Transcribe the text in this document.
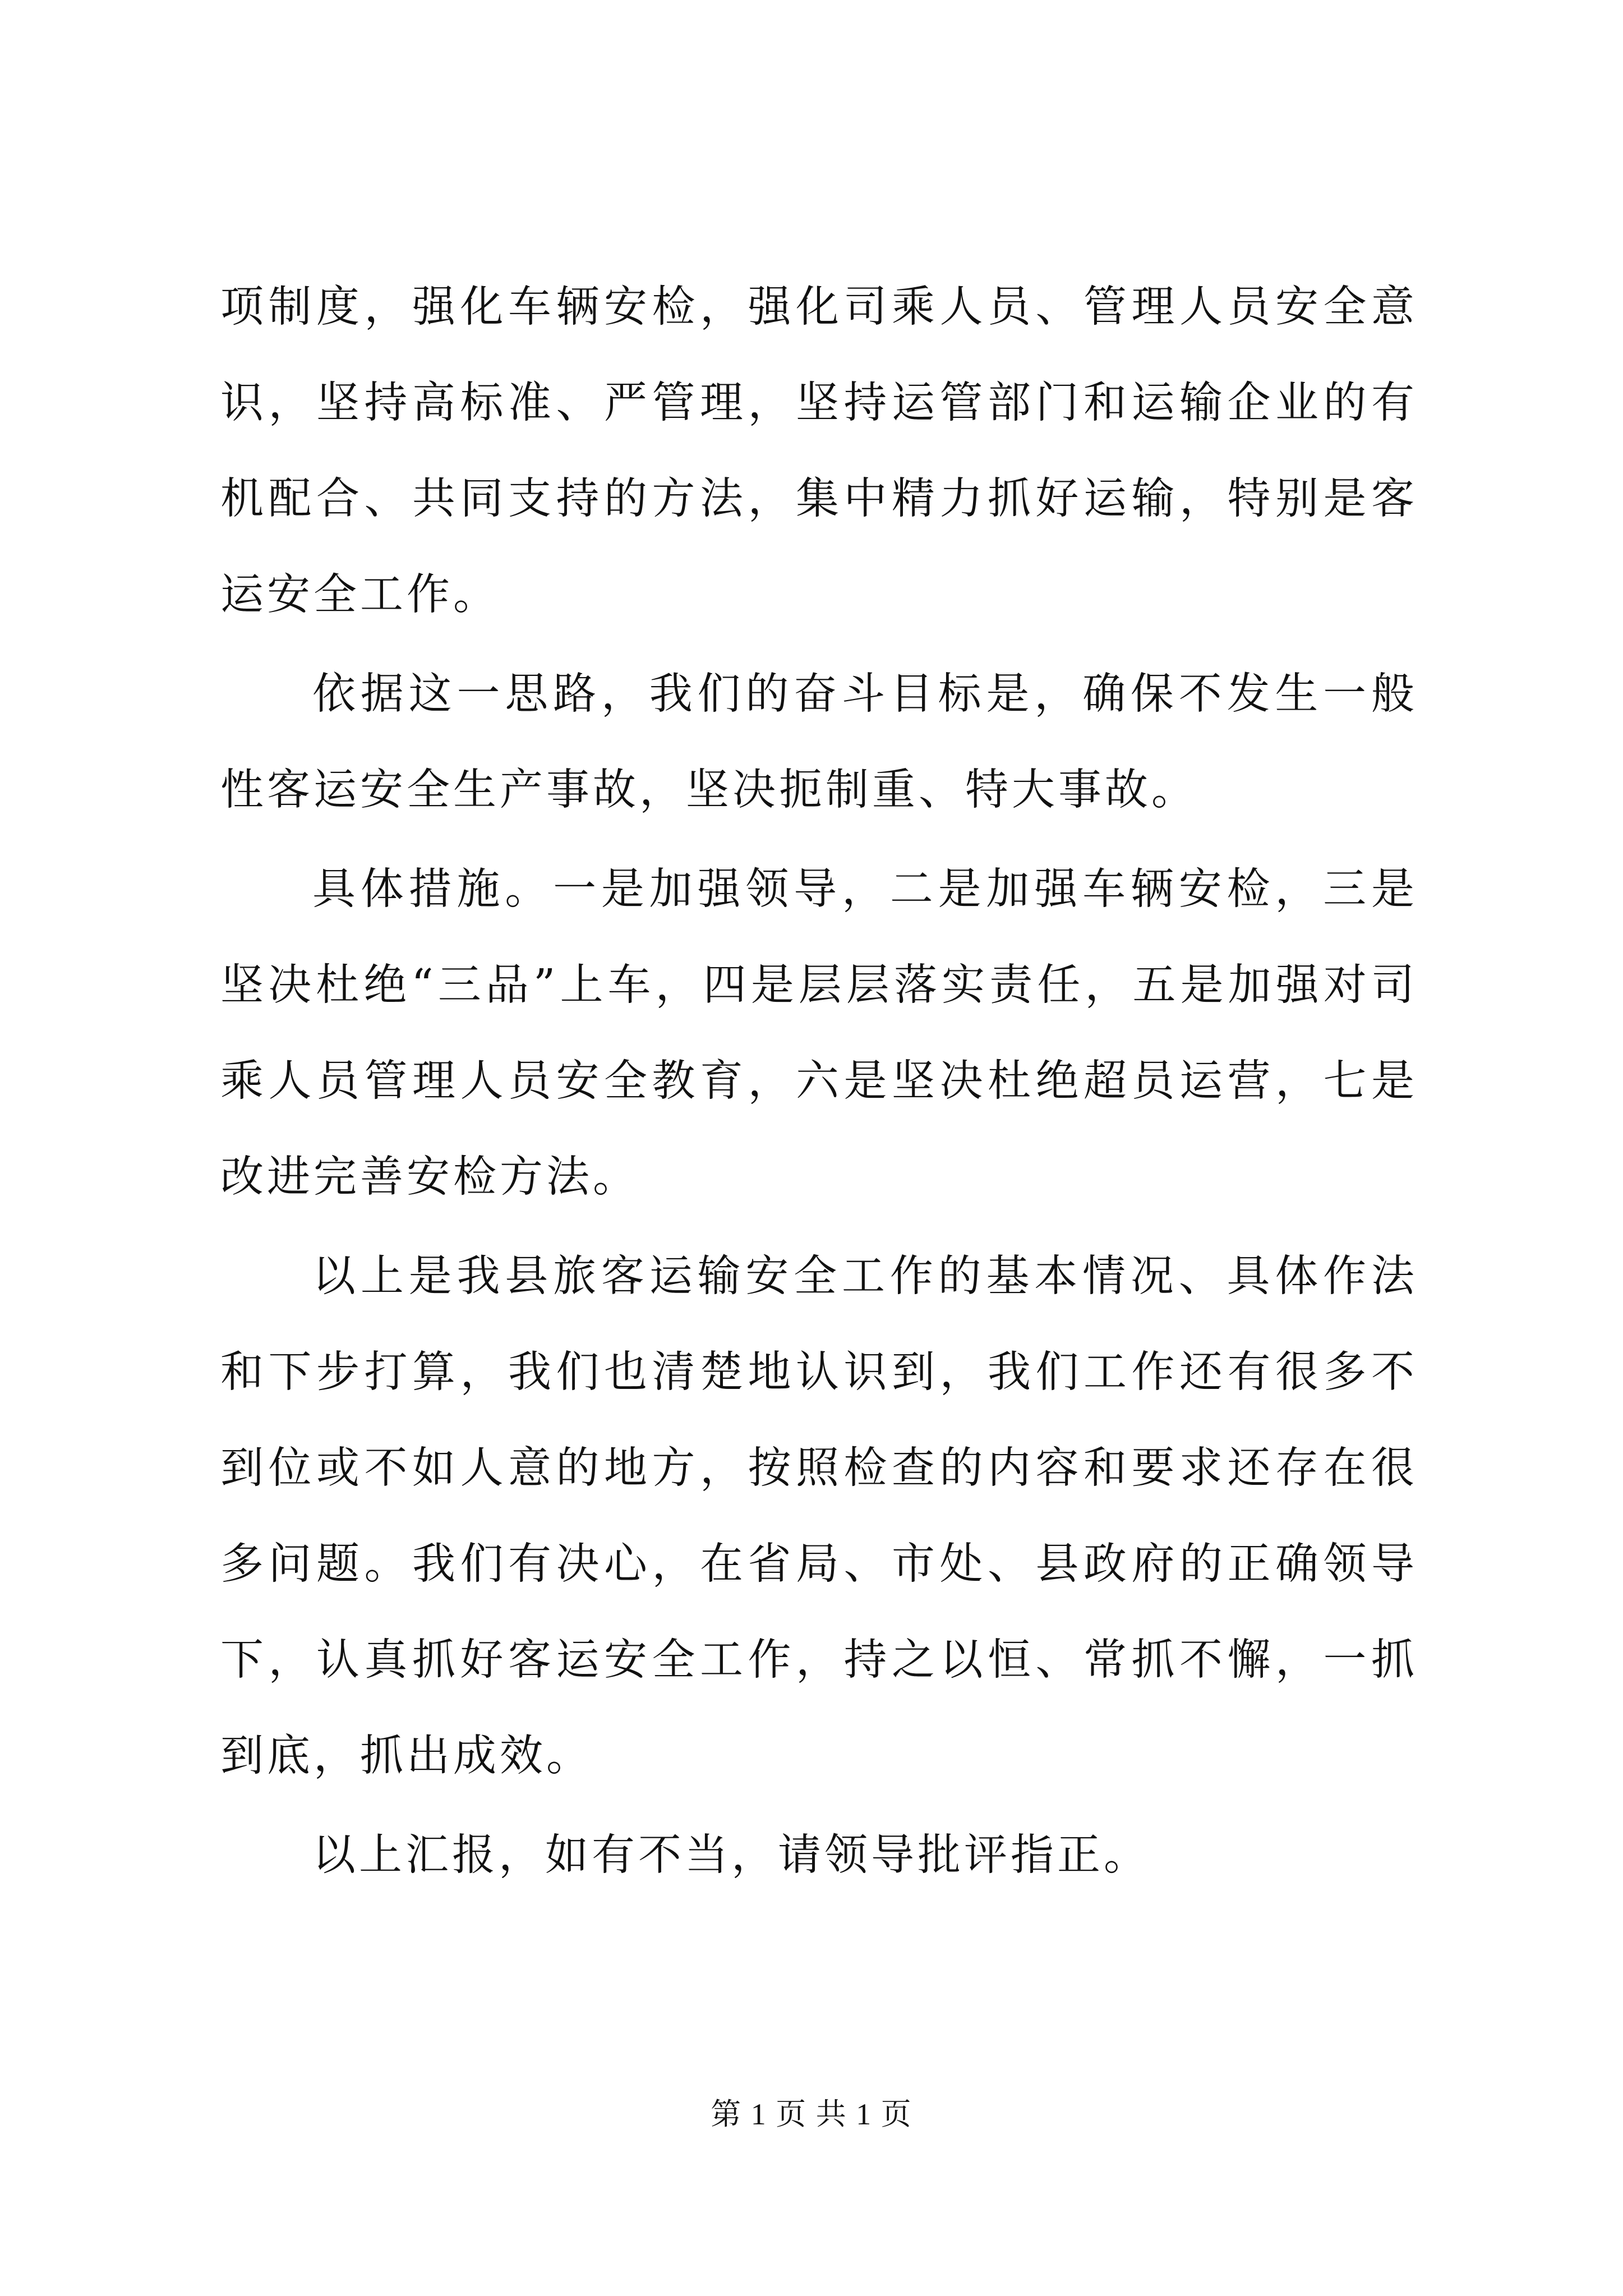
项制度，强化车辆安检，强化司乘人员、管理人员安全意识，坚持高标准、严管理，坚持运管部门和运输企业的有机配合、共同支持的方法，集中精力抓好运输，特别是客运安全工作。

依据这一思路，我们的奋斗目标是，确保不发生一般性客运安全生产事故，坚决扼制重、特大事故。

具体措施。一是加强领导，二是加强车辆安检，三是坚决杜绝“三品”上车，四是层层落实责任，五是加强对司乘人员管理人员安全教育，六是坚决杜绝超员运营，七是改进完善安检方法。

以上是我县旅客运输安全工作的基本情况、具体作法和下步打算，我们也清楚地认识到，我们工作还有很多不到位或不如人意的地方，按照检查的内容和要求还存在很多问题。我们有决心，在省局、市处、县政府的正确领导下，认真抓好客运安全工作，持之以恒、常抓不懈，一抓到底，抓出成效。

以上汇报，如有不当，请领导批评指正。

第 1 页 共 1 页
